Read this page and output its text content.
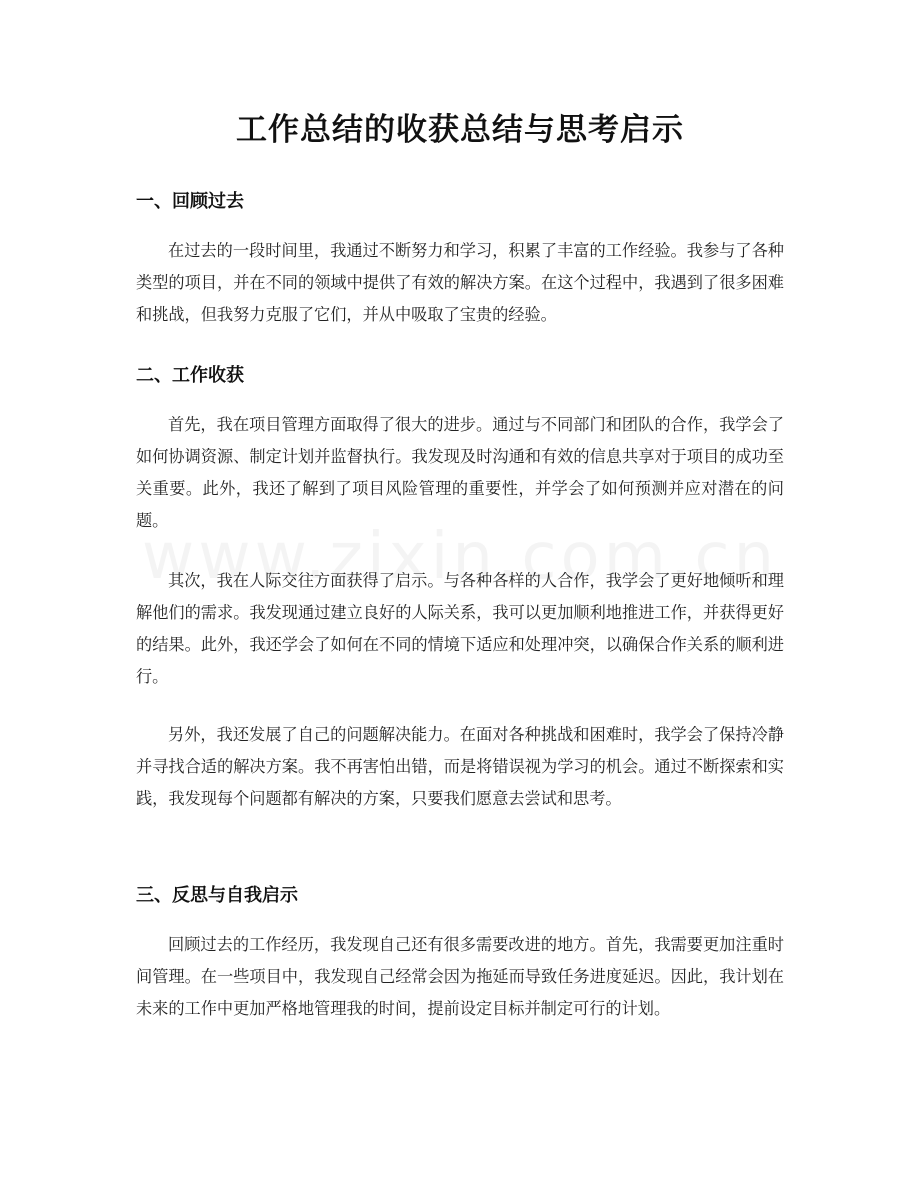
工作总结的收获总结与思考启示
一、回顾过去

在过去的一段时间里，我通过不断努力和学习，积累了丰富的工作经验。我参与了各种类型的项目，并在不同的领域中提供了有效的解决方案。在这个过程中，我遇到了很多困难和挑战，但我努力克服了它们，并从中吸取了宝贵的经验。

二、工作收获

首先，我在项目管理方面取得了很大的进步。通过与不同部门和团队的合作，我学会了如何协调资源、制定计划并监督执行。我发现及时沟通和有效的信息共享对于项目的成功至关重要。此外，我还了解到了项目风险管理的重要性，并学会了如何预测并应对潜在的问题。

其次，我在人际交往方面获得了启示。与各种各样的人合作，我学会了更好地倾听和理解他们的需求。我发现通过建立良好的人际关系，我可以更加顺利地推进工作，并获得更好的结果。此外，我还学会了如何在不同的情境下适应和处理冲突，以确保合作关系的顺利进行。

另外，我还发展了自己的问题解决能力。在面对各种挑战和困难时，我学会了保持冷静并寻找合适的解决方案。我不再害怕出错，而是将错误视为学习的机会。通过不断探索和实践，我发现每个问题都有解决的方案，只要我们愿意去尝试和思考。

三、反思与自我启示

回顾过去的工作经历，我发现自己还有很多需要改进的地方。首先，我需要更加注重时间管理。在一些项目中，我发现自己经常会因为拖延而导致任务进度延迟。因此，我计划在未来的工作中更加严格地管理我的时间，提前设定目标并制定可行的计划。
